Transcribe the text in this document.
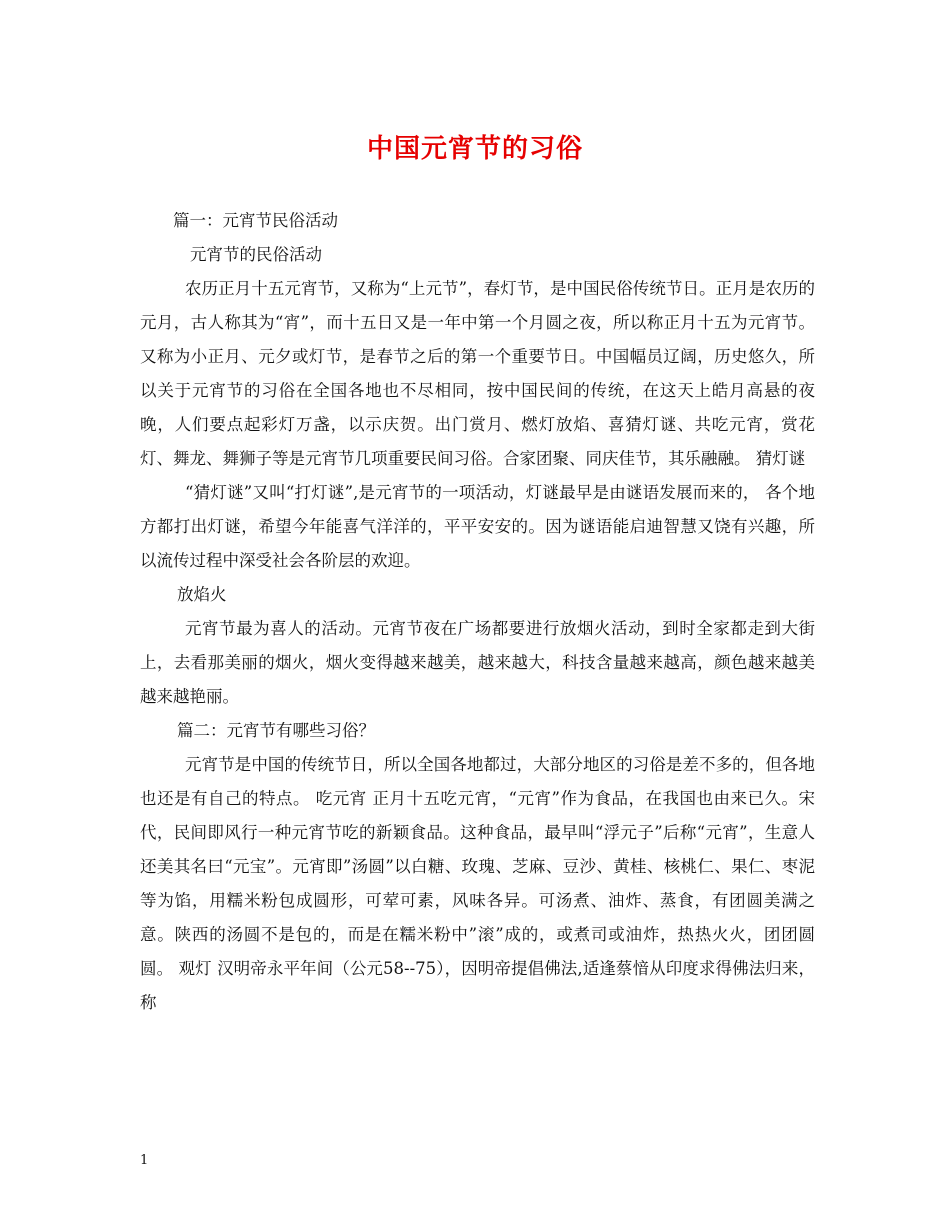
中国元宵节的习俗

篇一：元宵节民俗活动

元宵节的民俗活动

农历正月十五元宵节，又称为“上元节”，春灯节，是中国民俗传统节日。正月是农历的元月，古人称其为“宵”，而十五日又是一年中第一个月圆之夜，所以称正月十五为元宵节。又称为小正月、元夕或灯节，是春节之后的第一个重要节日。中国幅员辽阔，历史悠久，所以关于元宵节的习俗在全国各地也不尽相同，按中国民间的传统，在这天上皓月高悬的夜晚，人们要点起彩灯万盏，以示庆贺。出门赏月、燃灯放焰、喜猜灯谜、共吃元宵，赏花灯、舞龙、舞狮子等是元宵节几项重要民间习俗。合家团聚、同庆佳节，其乐融融。 猜灯谜

“猜灯谜”又叫“打灯谜”,是元宵节的一项活动，灯谜最早是由谜语发展而来的， 各个地方都打出灯谜，希望今年能喜气洋洋的，平平安安的。因为谜语能启迪智慧又饶有兴趣，所以流传过程中深受社会各阶层的欢迎。

放焰火

元宵节最为喜人的活动。元宵节夜在广场都要进行放烟火活动，到时全家都走到大街上，去看那美丽的烟火，烟火变得越来越美，越来越大，科技含量越来越高，颜色越来越美越来越艳丽。

篇二：元宵节有哪些习俗？

元宵节是中国的传统节日，所以全国各地都过，大部分地区的习俗是差不多的，但各地也还是有自己的特点。 吃元宵 正月十五吃元宵，“元宵”作为食品，在我国也由来已久。宋代，民间即风行一种元宵节吃的新颖食品。这种食品，最早叫“浮元子”后称“元宵”，生意人还美其名曰“元宝”。元宵即”汤圆”以白糖、玫瑰、芝麻、豆沙、黄桂、核桃仁、果仁、枣泥等为馅，用糯米粉包成圆形，可荤可素，风味各异。可汤煮、油炸、蒸食，有团圆美满之意。陕西的汤圆不是包的，而是在糯米粉中”滚”成的，或煮司或油炸，热热火火，团团圆圆。 观灯 汉明帝永平年间（公元58--75），因明帝提倡佛法,适逢蔡愔从印度求得佛法归来，称

1
